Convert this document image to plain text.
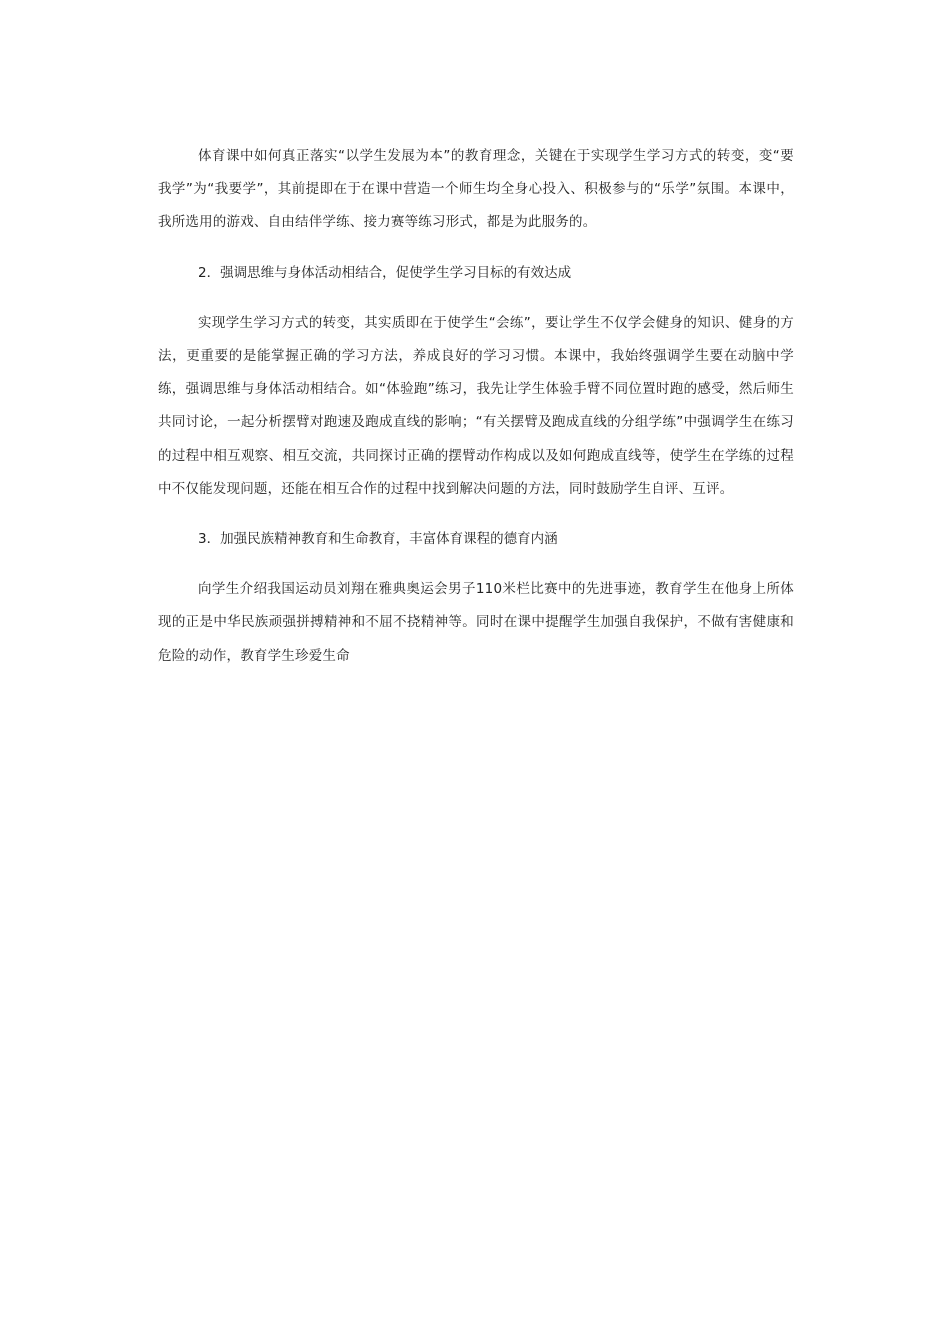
体育课中如何真正落实“以学生发展为本”的教育理念，关键在于实现学生学习方式的转变，变“要我学”为“我要学”，其前提即在于在课中营造一个师生均全身心投入、积极参与的“乐学”氛围。本课中，我所选用的游戏、自由结伴学练、接力赛等练习形式，都是为此服务的。

2．强调思维与身体活动相结合，促使学生学习目标的有效达成

实现学生学习方式的转变，其实质即在于使学生“会练”，要让学生不仅学会健身的知识、健身的方法，更重要的是能掌握正确的学习方法，养成良好的学习习惯。本课中，我始终强调学生要在动脑中学练，强调思维与身体活动相结合。如“体验跑”练习，我先让学生体验手臂不同位置时跑的感受，然后师生共同讨论，一起分析摆臂对跑速及跑成直线的影响；“有关摆臂及跑成直线的分组学练”中强调学生在练习的过程中相互观察、相互交流，共同探讨正确的摆臂动作构成以及如何跑成直线等，使学生在学练的过程中不仅能发现问题，还能在相互合作的过程中找到解决问题的方法，同时鼓励学生自评、互评。

3．加强民族精神教育和生命教育，丰富体育课程的德育内涵

向学生介绍我国运动员刘翔在雅典奥运会男子110米栏比赛中的先进事迹，教育学生在他身上所体现的正是中华民族顽强拼搏精神和不屈不挠精神等。同时在课中提醒学生加强自我保护，不做有害健康和危险的动作，教育学生珍爱生命
